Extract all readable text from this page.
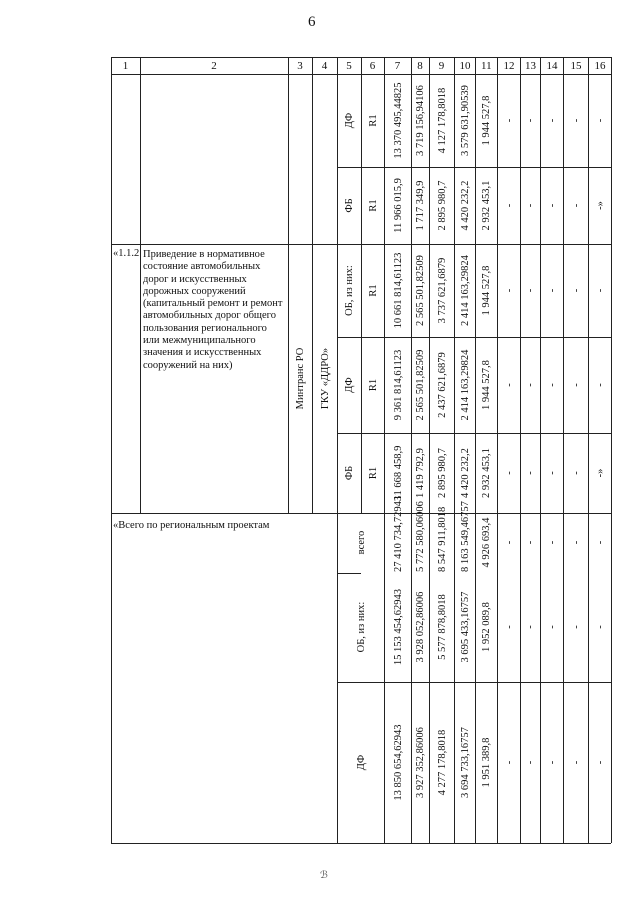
6
1	2	3 4 5 6 7 8 9 10 11 12 13 14 15 16
ДФ R1 13 370 495,44825 3 719 156,94106 4 127 178,8018 3 579 631,90539 1 944 527,8 - - - - -
ФБ R1 11 966 015,9 1 717 349,9 2 895 980,7 4 420 232,2 2 932 453,1 - - - - -»
«1.1.2
Минтранс РО ГКУ «ДДРО»
ОБ, из них: R1 10 661 814,61123 2 565 501,82509 3 737 621,6879 2 414 163,29824 1 944 527,8 - - - - -
ДФ R1 9 361 814,61123 2 565 501,82509 2 437 621,6879 2 414 163,29824 1 944 527,8 - - - - -
ФБ R1 11 668 458,9 1 419 792,9 2 895 980,7 4 420 232,2 2 932 453,1 - - - - -»
«Всего по региональным проектам
всего 27 410 734,72943 5 772 580,06006 8 547 911,8018 8 163 549,46757 4 926 693,4 - - - - -
ОБ, из них: 15 153 454,62943 3 928 052,86006 5 577 878,8018 3 695 433,16757 1 952 089,8 - - - - -
ДФ 13 850 654,62943 3 927 352,86006 4 277 178,8018 3 694 733,16757 1 951 389,8 - - - - -
Приведение в нормативное состояние автомобильных дорог и искусственных дорожных сооружений (капитальный ремонт и ремонт автомобильных дорог общего пользования регионального или межмуниципального значения и искусственных сооружений на них)
ℬ
